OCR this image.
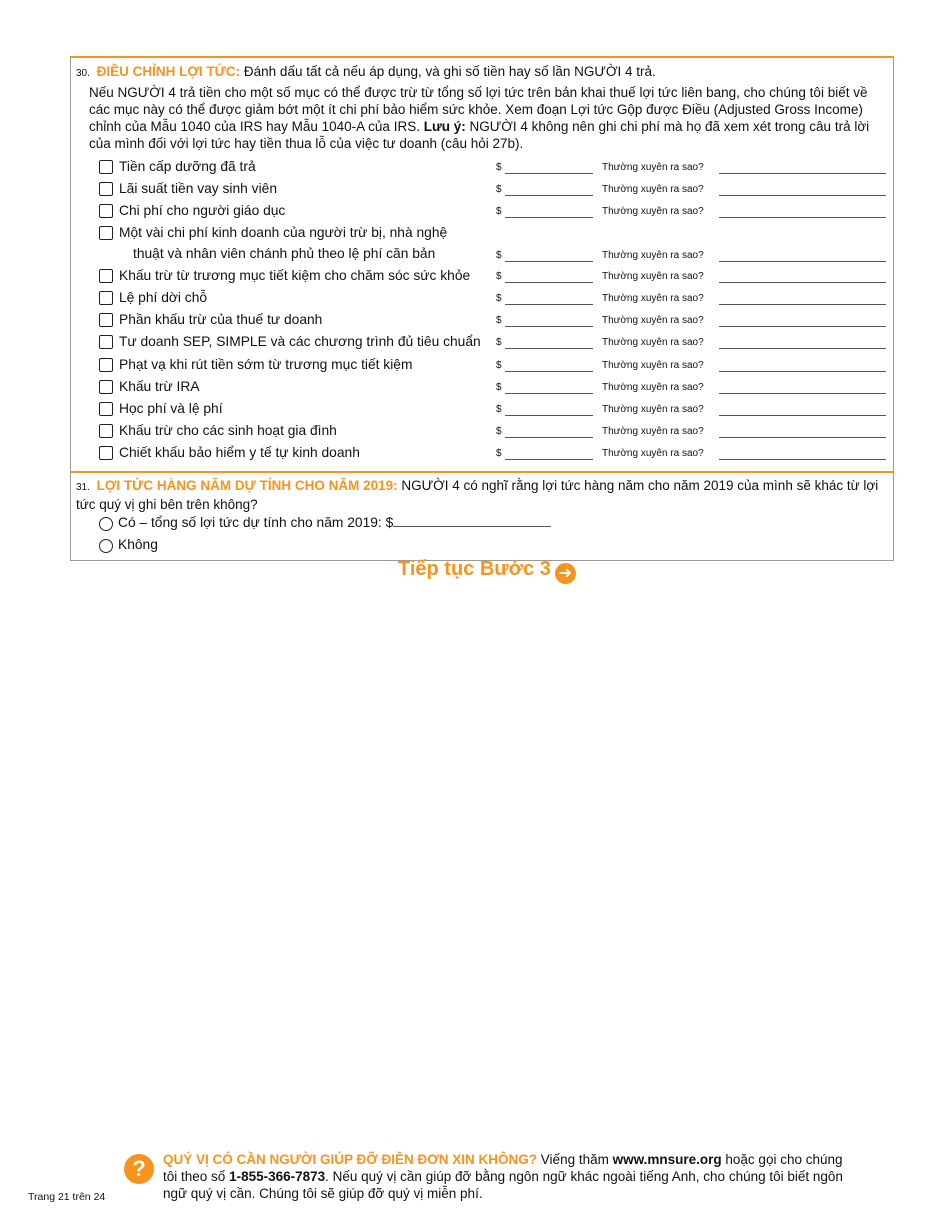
30. ĐIỀU CHỈNH LỢI TỨC: Đánh dấu tất cả nếu áp dụng, và ghi số tiền hay số lần NGƯỜI 4 trả.
Nếu NGƯỜI 4 trả tiền cho một số mục có thể được trừ từ tổng số lợi tức trên bản khai thuế lợi tức liên bang, cho chúng tôi biết về các mục này có thể được giảm bớt một ít chi phí bảo hiểm sức khỏe. Xem đoạn Lợi tức Gộp được Điều (Adjusted Gross Income) chỉnh của Mẫu 1040 của IRS hay Mẫu 1040-A của IRS. Lưu ý: NGƯỜI 4 không nên ghi chi phí mà họ đã xem xét trong câu trả lời của mình đối với lợi tức hay tiền thua lỗ của việc tư doanh (câu hỏi 27b).
Tiền cấp dưỡng đã trả	$	Thường xuyên ra sao?
Lãi suất tiền vay sinh viên	$	Thường xuyên ra sao?
Chi phí cho người giáo dục	$	Thường xuyên ra sao?
Một vài chi phí kinh doanh của người trừ bị, nhà nghệ
thuật và nhân viên chánh phủ theo lệ phí căn bản	$	Thường xuyên ra sao?
Khấu trừ từ trương mục tiết kiệm cho chăm sóc sức khỏe	$	Thường xuyên ra sao?
Lệ phí dời chỗ	$	Thường xuyên ra sao?
Phần khấu trừ của thuế tư doanh	$	Thường xuyên ra sao?
Tư doanh SEP, SIMPLE và các chương trình đủ tiêu chuẩn $	Thường xuyên ra sao?
Phạt vạ khi rút tiền sớm từ trương mục tiết kiệm	$	Thường xuyên ra sao?
Khấu trừ IRA	$	Thường xuyên ra sao?
Học phí và lệ phí	$	Thường xuyên ra sao?
Khấu trừ cho các sinh hoạt gia đình	$	Thường xuyên ra sao?
Chiết khấu bảo hiểm y tế tự kinh doanh	$	Thường xuyên ra sao?
31. LỢI TỨC HÀNG NĂM DỰ TÍNH CHO NĂM 2019: NGƯỜI 4 có nghĩ rằng lợi tức hàng năm cho năm 2019 của mình sẽ khác từ lợi tức quý vị ghi bên trên không?
Có – tổng số lợi tức dự tính cho năm 2019: $
Không
Tiếp tục Bước 3 ➜
?	QUÝ VỊ CÓ CẦN NGƯỜI GIÚP ĐỠ ĐIỀN ĐƠN XIN KHÔNG? Viếng thăm www.mnsure.org hoặc gọi cho chúng tôi theo số 1-855-366-7873. Nếu quý vị cần giúp đỡ bằng ngôn ngữ khác ngoài tiếng Anh, cho chúng tôi biết ngôn ngữ quý vị cần. Chúng tôi sẽ giúp đỡ quý vị miễn phí.
Trang 21 trên 24
